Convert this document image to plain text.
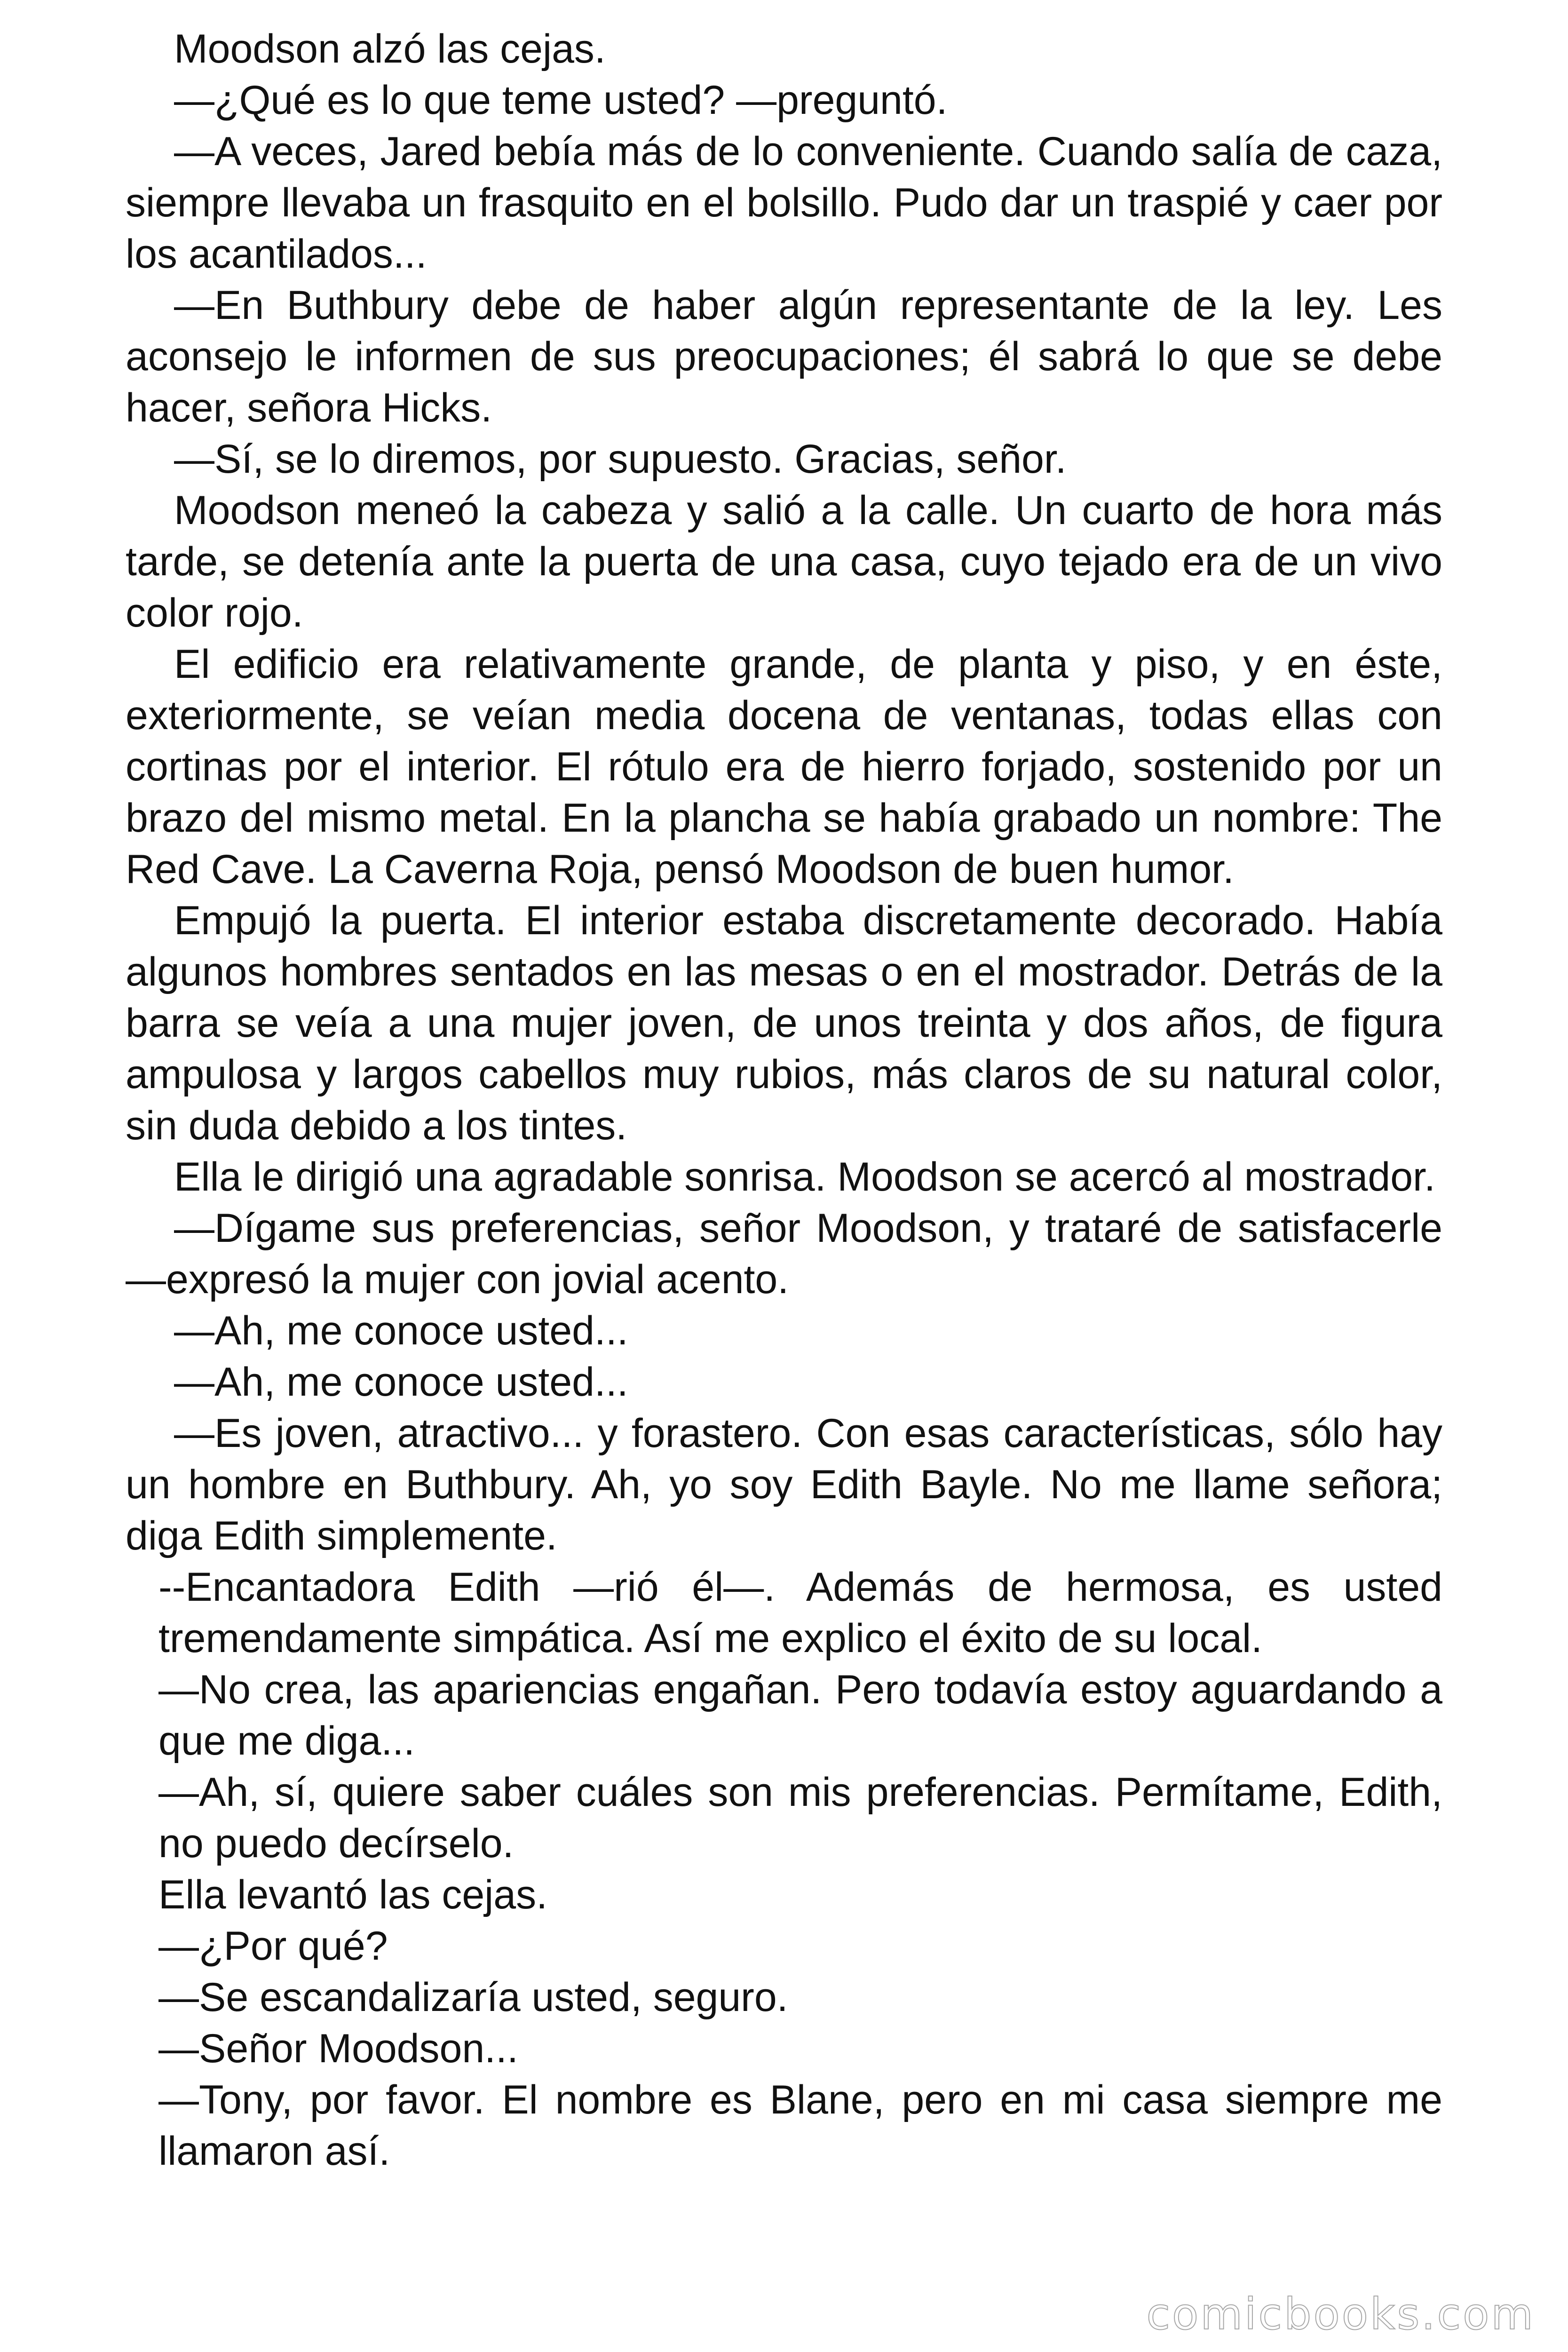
Moodson alzó las cejas.

—¿Qué es lo que teme usted? —preguntó.

—A veces, Jared bebía más de lo conveniente. Cuando salía de caza, siempre llevaba un frasquito en el bolsillo. Pudo dar un traspié y caer por los acantilados...

—En Buthbury debe de haber algún representante de la ley. Les aconsejo le informen de sus preocupaciones; él sabrá lo que se debe hacer, señora Hicks.

—Sí, se lo diremos, por supuesto. Gracias, señor.

Moodson meneó la cabeza y salió a la calle. Un cuarto de hora más tarde, se detenía ante la puerta de una casa, cuyo tejado era de un vivo color rojo.

El edificio era relativamente grande, de planta y piso, y en éste, exteriormente, se veían media docena de ventanas, todas ellas con cortinas por el interior. El rótulo era de hierro forjado, sostenido por un brazo del mismo metal. En la plancha se había grabado un nombre: The Red Cave. La Caverna Roja, pensó Moodson de buen humor.

Empujó la puerta. El interior estaba discretamente decorado. Había algunos hombres sentados en las mesas o en el mostrador. Detrás de la barra se veía a una mujer joven, de unos treinta y dos años, de figura ampulosa y largos cabellos muy rubios, más claros de su natural color, sin duda debido a los tintes.

Ella le dirigió una agradable sonrisa. Moodson se acercó al mostrador.

—Dígame sus preferencias, señor Moodson, y trataré de satisfacerle —expresó la mujer con jovial acento.

—Ah, me conoce usted...

—Ah, me conoce usted...

—Es joven, atractivo... y forastero. Con esas características, sólo hay un hombre en Buthbury. Ah, yo soy Edith Bayle. No me llame señora; diga Edith simplemente.

--Encantadora Edith —rió él—. Además de hermosa, es usted tremendamente simpática. Así me explico el éxito de su local.

—No crea, las apariencias engañan. Pero todavía estoy aguardando a que me diga...

—Ah, sí, quiere saber cuáles son mis preferencias. Permítame, Edith, no puedo decírselo.

Ella levantó las cejas.

—¿Por qué?

—Se escandalizaría usted, seguro.

—Señor Moodson...

—Tony, por favor. El nombre es Blane, pero en mi casa siempre me llamaron así.

comicbooks.com
